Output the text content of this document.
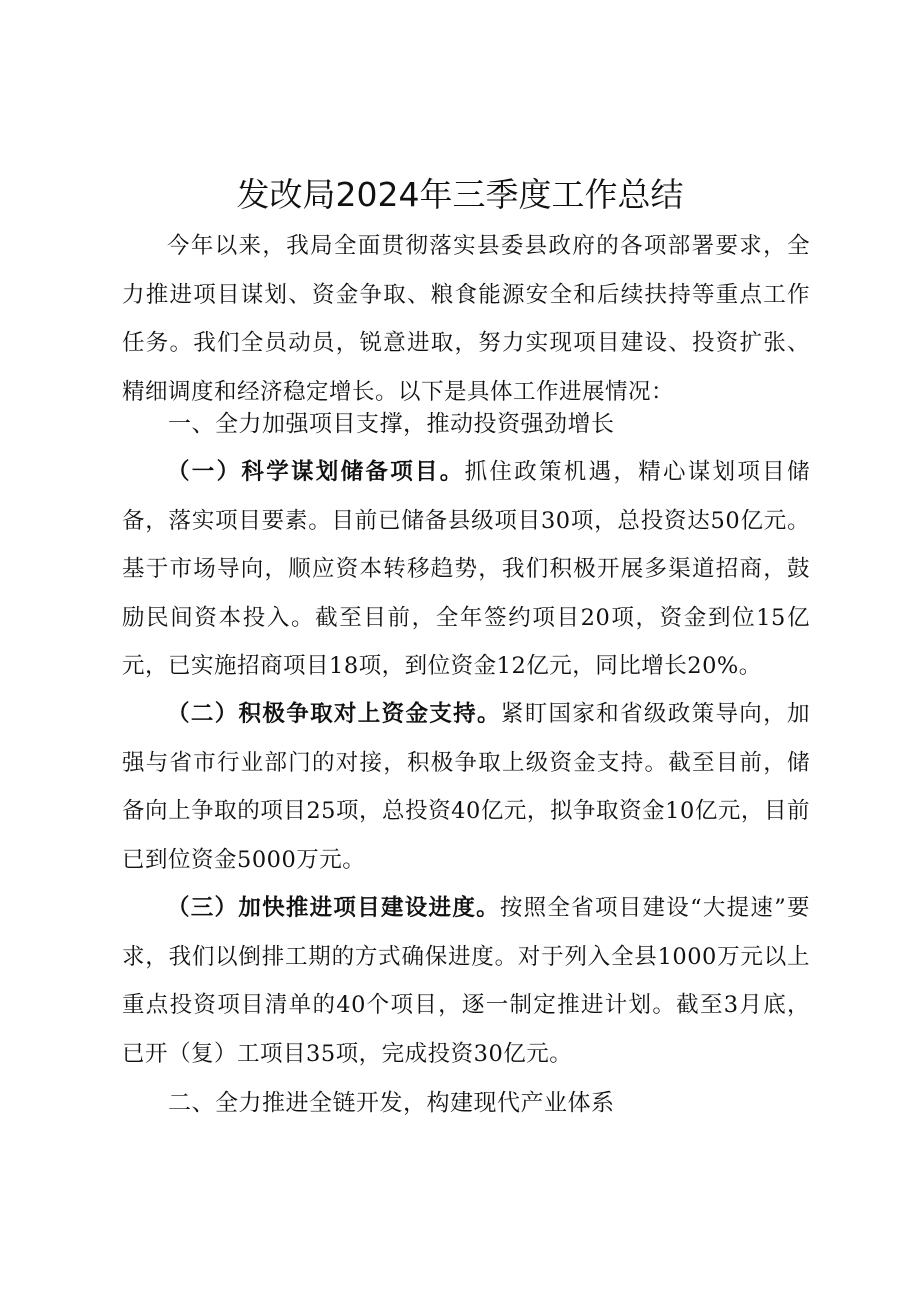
发改局2024年三季度工作总结

今年以来，我局全面贯彻落实县委县政府的各项部署要求，全力推进项目谋划、资金争取、粮食能源安全和后续扶持等重点工作任务。我们全员动员，锐意进取，努力实现项目建设、投资扩张、精细调度和经济稳定增长。以下是具体工作进展情况：

一、全力加强项目支撑，推动投资强劲增长

（一）科学谋划储备项目。抓住政策机遇，精心谋划项目储备，落实项目要素。目前已储备县级项目30项，总投资达50亿元。基于市场导向，顺应资本转移趋势，我们积极开展多渠道招商，鼓励民间资本投入。截至目前，全年签约项目20项，资金到位15亿元，已实施招商项目18项，到位资金12亿元，同比增长20%。

（二）积极争取对上资金支持。紧盯国家和省级政策导向，加强与省市行业部门的对接，积极争取上级资金支持。截至目前，储备向上争取的项目25项，总投资40亿元，拟争取资金10亿元，目前已到位资金5000万元。

（三）加快推进项目建设进度。按照全省项目建设“大提速”要求，我们以倒排工期的方式确保进度。对于列入全县1000万元以上重点投资项目清单的40个项目，逐一制定推进计划。截至3月底，已开（复）工项目35项，完成投资30亿元。

二、全力推进全链开发，构建现代产业体系
